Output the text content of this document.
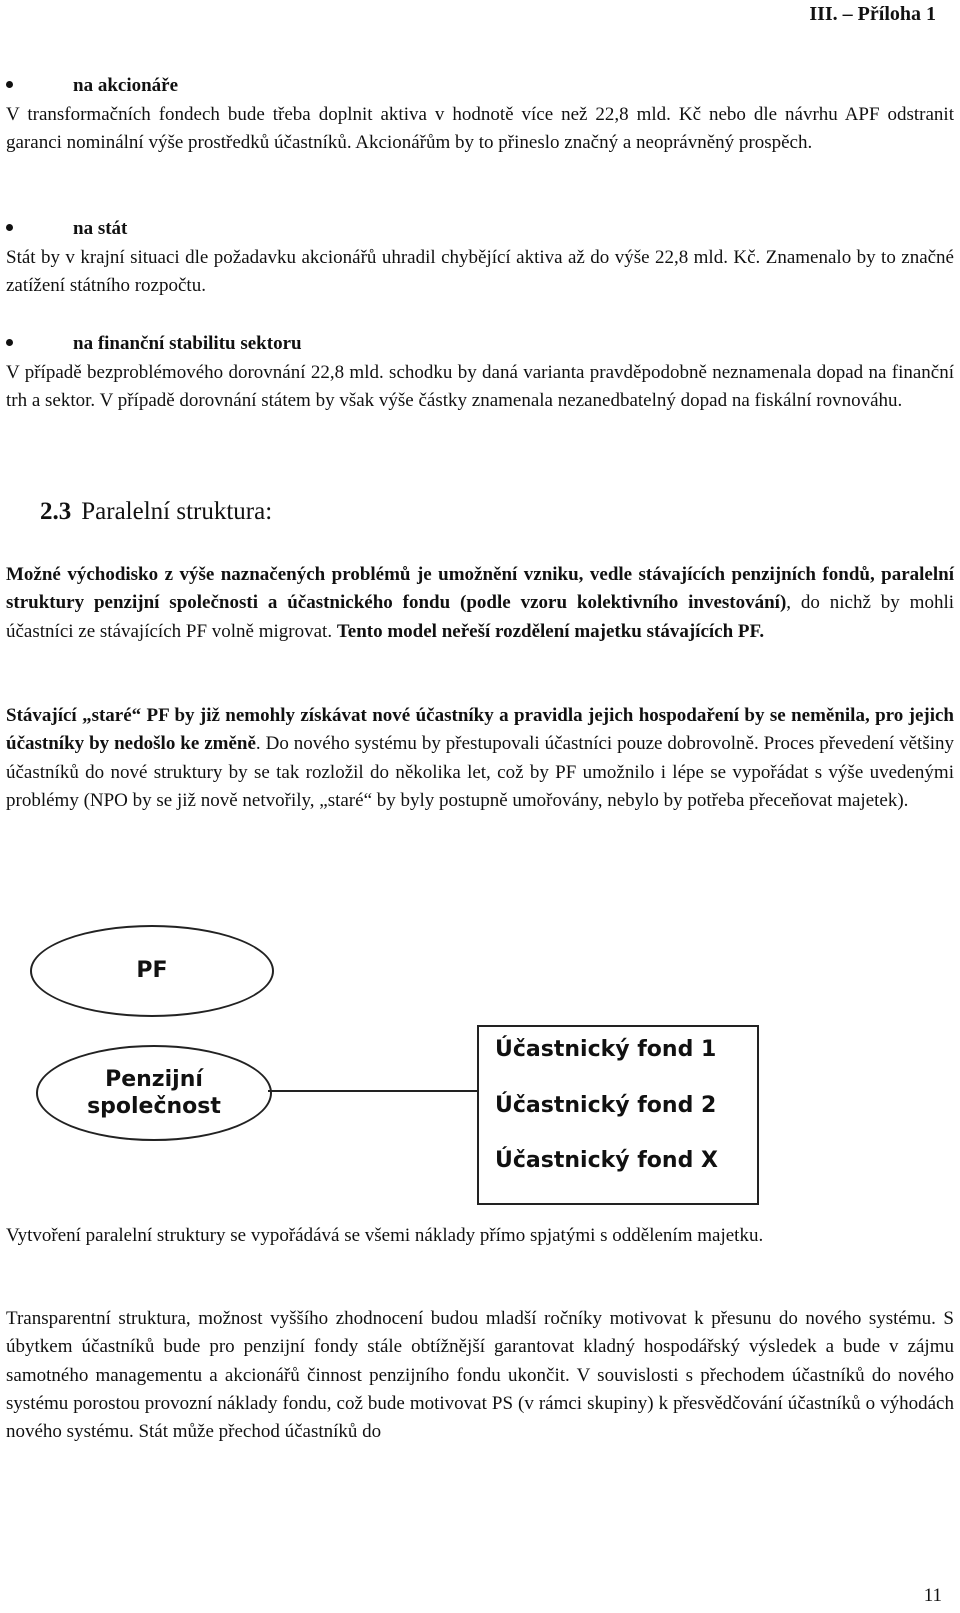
III. – Příloha 1
na akcionáře
V transformačních fondech bude třeba doplnit aktiva v hodnotě více než 22,8 mld. Kč nebo dle návrhu APF odstranit garanci nominální výše prostředků účastníků. Akcionářům by to přineslo značný a neoprávněný prospěch.
na stát
Stát by v krajní situaci dle požadavku akcionářů uhradil chybějící aktiva až do výše 22,8 mld. Kč. Znamenalo by to značné zatížení státního rozpočtu.
na finanční stabilitu sektoru
V případě bezproblémového dorovnání 22,8 mld. schodku by daná varianta pravděpodobně neznamenala dopad na finanční trh a sektor. V případě dorovnání státem by však výše částky znamenala nezanedbatelný dopad na fiskální rovnováhu.
2.3 Paralelní struktura:
Možné východisko z výše naznačených problémů je umožnění vzniku, vedle stávajících penzijních fondů, paralelní struktury penzijní společnosti a účastnického fondu (podle vzoru kolektivního investování), do nichž by mohli účastníci ze stávajících PF volně migrovat. Tento model neřeší rozdělení majetku stávajících PF.
Stávající „staré“ PF by již nemohly získávat nové účastníky a pravidla jejich hospodaření by se neměnila, pro jejich účastníky by nedošlo ke změně. Do nového systému by přestupovali účastníci pouze dobrovolně. Proces převedení většiny účastníků do nové struktury by se tak rozložil do několika let, což by PF umožnilo i lépe se vypořádat s výše uvedenými problémy (NPO by se již nově netvořily, „staré“ by byly postupně umořovány, nebylo by potřeba přeceňovat majetek).
PF
Penzijní
společnost
Účastnický fond 1
Účastnický fond 2
Účastnický fond X
Vytvoření paralelní struktury se vypořádává se všemi náklady přímo spjatými s oddělením majetku.
Transparentní struktura, možnost vyššího zhodnocení budou mladší ročníky motivovat k přesunu do nového systému. S úbytkem účastníků bude pro penzijní fondy stále obtížnější garantovat kladný hospodářský výsledek a bude v zájmu samotného managementu a akcionářů činnost penzijního fondu ukončit. V souvislosti s přechodem účastníků do nového systému porostou provozní náklady fondu, což bude motivovat PS (v rámci skupiny) k přesvědčování účastníků o výhodách nového systému. Stát může přechod účastníků do
11
